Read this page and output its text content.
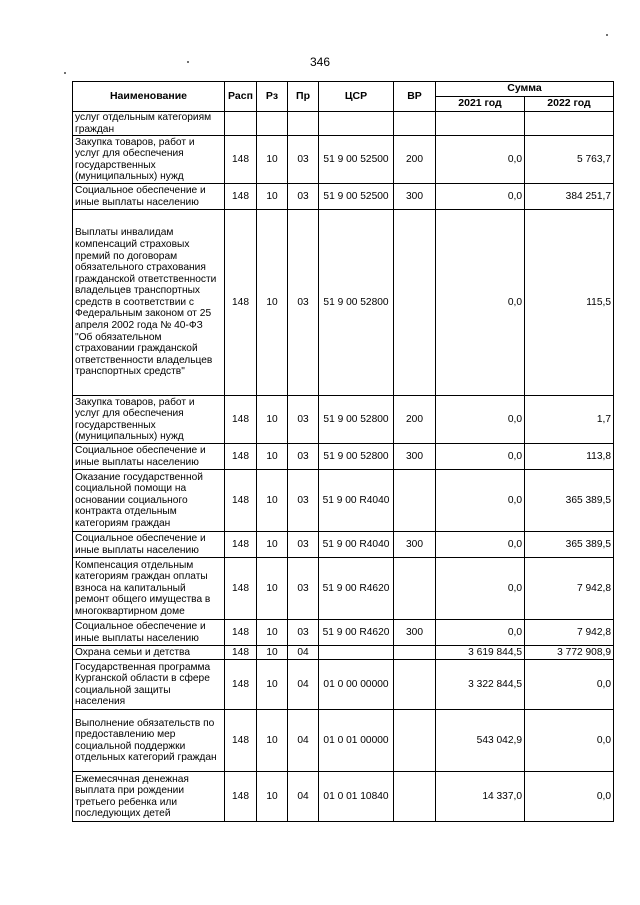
346
Наименование	Расп	Рз	Пр	ЦСР	ВР	Сумма	
						2021 год	2022 год
услуг отдельным категориям граждан							
Закупка товаров, работ и услуг для обеспечения государственных (муниципальных) нужд	148	10	03	51 9 00 52500	200	0,0	5 763,7
Социальное обеспечение и иные выплаты населению	148	10	03	51 9 00 52500	300	0,0	384 251,7
Выплаты инвалидам компенсаций страховых премий по договорам обязательного страхования гражданской ответственности владельцев транспортных средств в соответствии с Федеральным законом от 25 апреля 2002 года № 40-ФЗ "Об обязательном страховании гражданской ответственности владельцев транспортных средств"	148	10	03	51 9 00 52800		0,0	115,5
Закупка товаров, работ и услуг для обеспечения государственных (муниципальных) нужд	148	10	03	51 9 00 52800	200	0,0	1,7
Социальное обеспечение и иные выплаты населению	148	10	03	51 9 00 52800	300	0,0	113,8
Оказание государственной социальной помощи на основании социального контракта отдельным категориям граждан	148	10	03	51 9 00 R4040		0,0	365 389,5
Социальное обеспечение и иные выплаты населению	148	10	03	51 9 00 R4040	300	0,0	365 389,5
Компенсация отдельным категориям граждан оплаты взноса на капитальный ремонт общего имущества в многоквартирном доме	148	10	03	51 9 00 R4620		0,0	7 942,8
Социальное обеспечение и иные выплаты населению	148	10	03	51 9 00 R4620	300	0,0	7 942,8
Охрана семьи и детства	148	10	04			3 619 844,5	3 772 908,9
Государственная программа Курганской области в сфере социальной защиты населения	148	10	04	01 0 00 00000		3 322 844,5	0,0
Выполнение обязательств по предоставлению мер социальной поддержки отдельных категорий граждан	148	10	04	01 0 01 00000		543 042,9	0,0
Ежемесячная денежная выплата при рождении третьего ребенка или последующих детей	148	10	04	01 0 01 10840		14 337,0	0,0
